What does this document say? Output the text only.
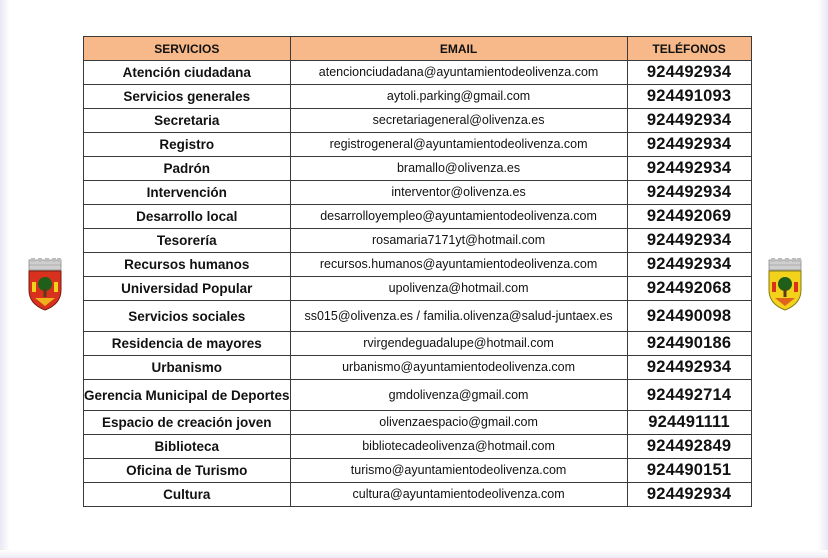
SERVICIOS	EMAIL	TELÉFONOS
Atención ciudadana	atencionciudadana@ayuntamientodeolivenza.com	924492934
Servicios generales	aytoli.parking@gmail.com	924491093
Secretaria	secretariageneral@olivenza.es	924492934
Registro	registrogeneral@ayuntamientodeolivenza.com	924492934
Padrón	bramallo@olivenza.es	924492934
Intervención	interventor@olivenza.es	924492934
Desarrollo local	desarrolloyempleo@ayuntamientodeolivenza.com	924492069
Tesorería	rosamaria7171yt@hotmail.com	924492934
Recursos humanos	recursos.humanos@ayuntamientodeolivenza.com	924492934
Universidad Popular	upolivenza@hotmail.com	924492068
Servicios sociales	ss015@olivenza.es / familia.olivenza@salud-juntaex.es	924490098
Residencia de mayores	rvirgendeguadalupe@hotmail.com	924490186
Urbanismo	urbanismo@ayuntamientodeolivenza.com	924492934
Gerencia Municipal de Deportes	gmdolivenza@gmail.com	924492714
Espacio de creación joven	olivenzaespacio@gmail.com	924491111
Biblioteca	bibliotecadeolivenza@hotmail.com	924492849
Oficina de Turismo	turismo@ayuntamientodeolivenza.com	924490151
Cultura	cultura@ayuntamientodeolivenza.com	924492934
